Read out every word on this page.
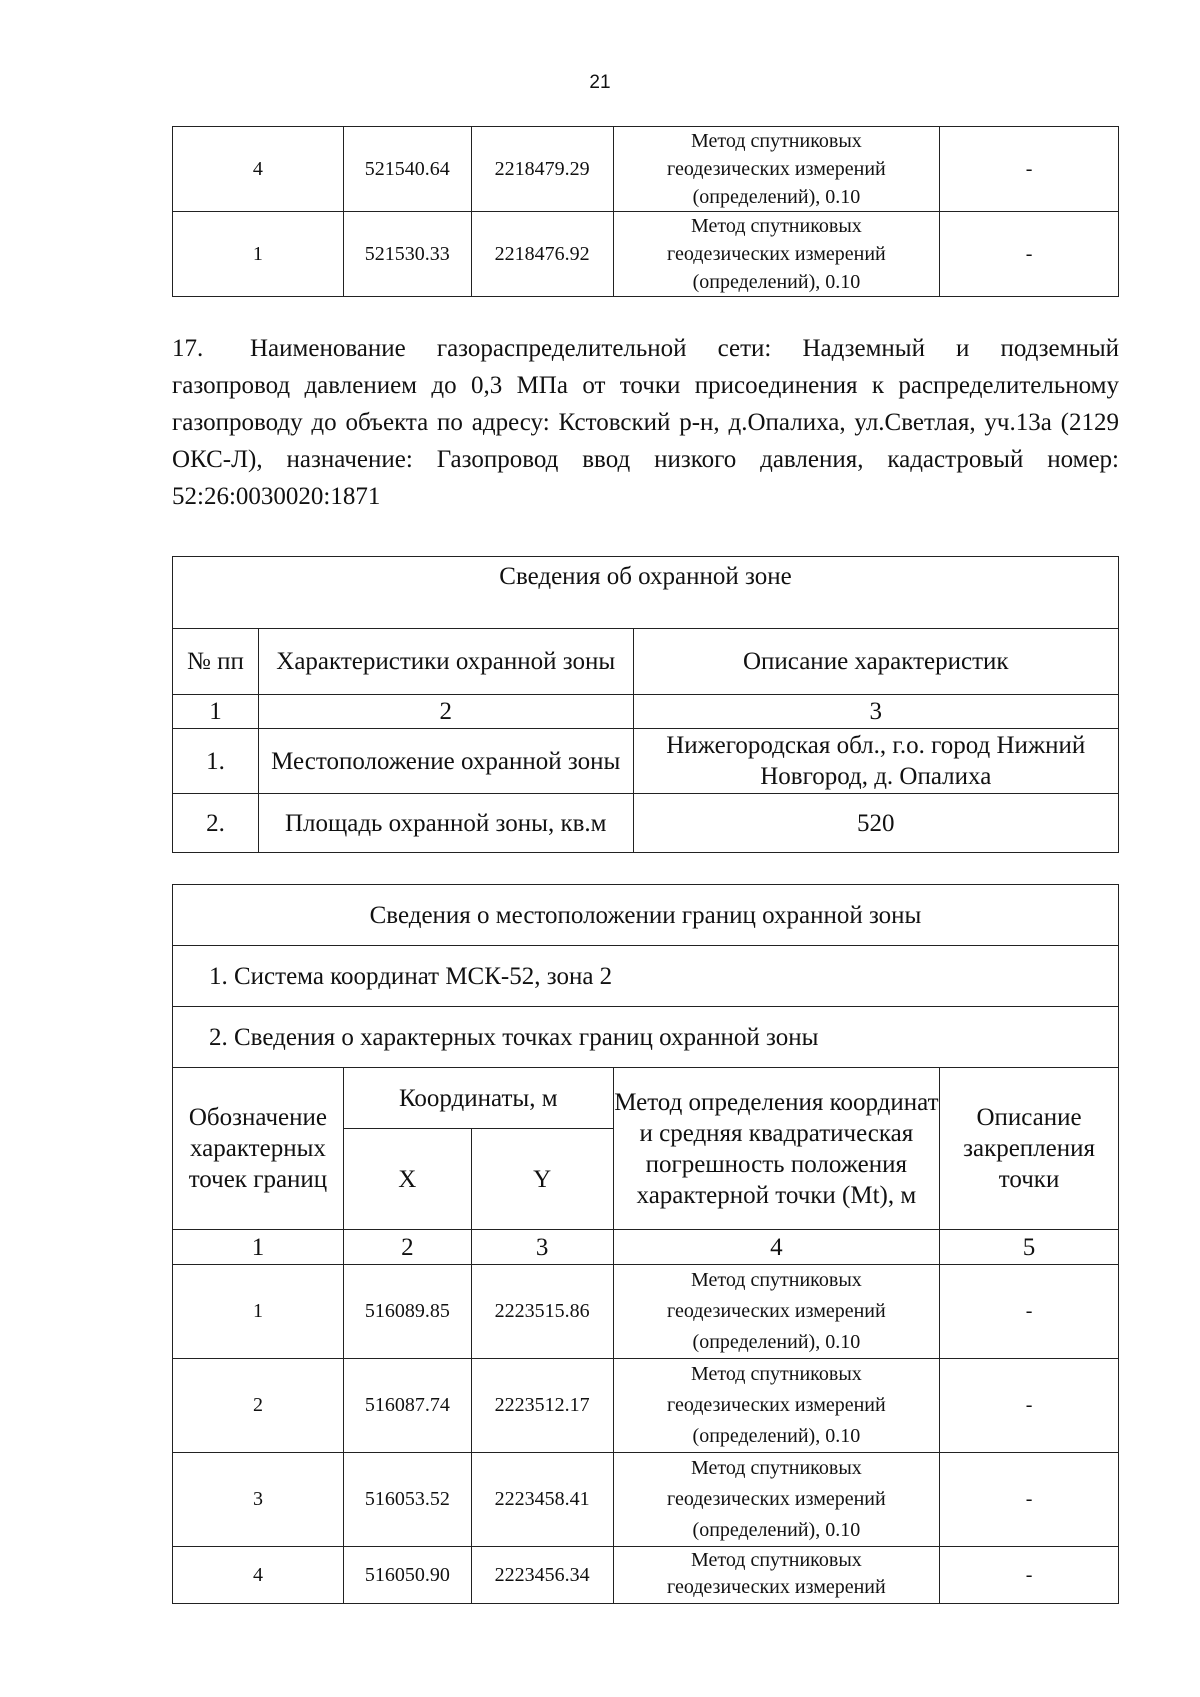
21
4	521540.64	2218479.29	Метод спутниковых
геодезических измерений
(определений), 0.10	-
1	521530.33	2218476.92	Метод спутниковых
геодезических измерений
(определений), 0.10	-
17. Наименование газораспределительной сети: Надземный и подземный газопровод давлением до 0,3 МПа от точки присоединения к распределительному газопроводу до объекта по адресу: Кстовский р-н, д.Опалиха, ул.Светлая, уч.13а (2129 ОКС-Л), назначение: Газопровод ввод низкого давления, кадастровый номер: 52:26:0030020:1871
Сведения об охранной зоне		
№ пп	Характеристики охранной зоны	Описание характеристик
1	2	3
1.	Местоположение охранной зоны	Нижегородская обл., г.о. город Нижний Новгород, д. Опалиха
2.	Площадь охранной зоны, кв.м	520
Сведения о местоположении границ охранной зоны				
1. Система координат МСК-52, зона 2				
2. Сведения о характерных точках границ охранной зоны				
Обозначение характерных точек границ	Координаты, м		Метод определения координат и средняя квадратическая погрешность положения характерной точки (Mt), м	Описание закрепления точки
	X	Y		
1	2	3	4	5
1	516089.85	2223515.86	Метод спутниковых
геодезических измерений
(определений), 0.10	-
2	516087.74	2223512.17	Метод спутниковых
геодезических измерений
(определений), 0.10	-
3	516053.52	2223458.41	Метод спутниковых
геодезических измерений
(определений), 0.10	-
4	516050.90	2223456.34	Метод спутниковых
геодезических измерений	-
